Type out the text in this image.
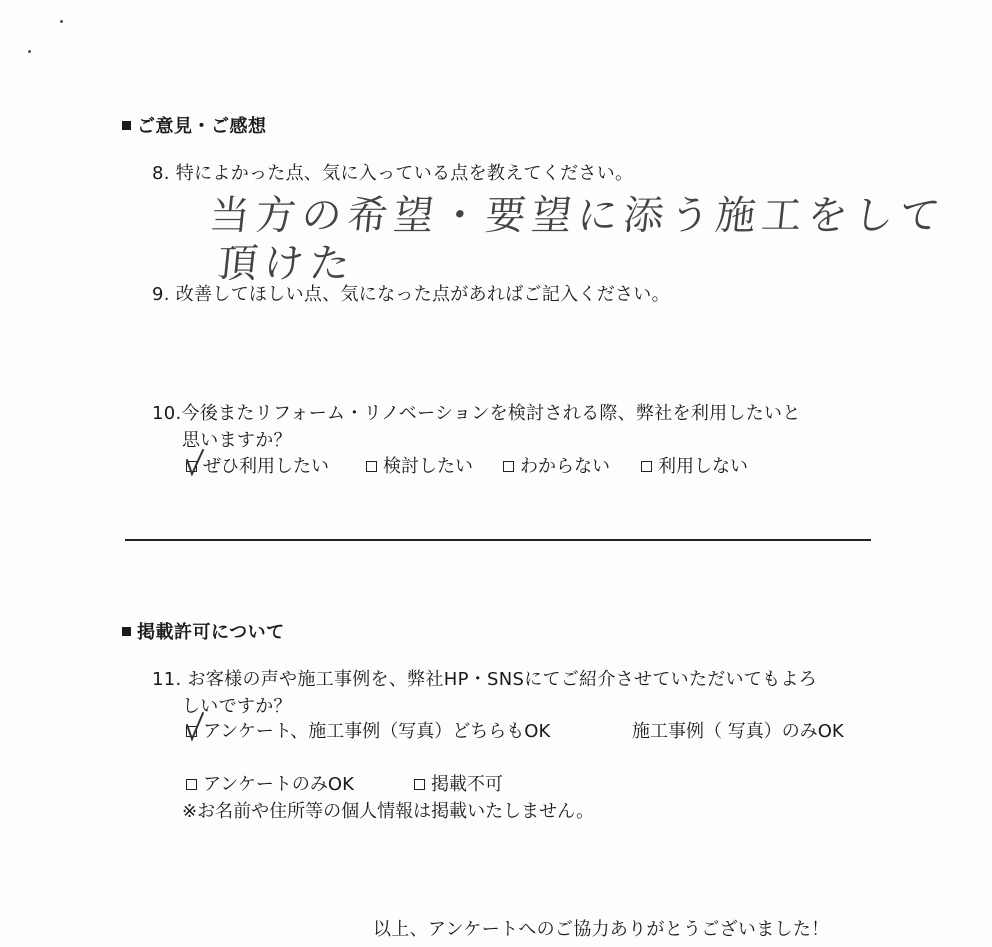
ご意見・ご感想
8. 特によかった点、気に入っている点を教えてください。
当方の希望・要望に添う施工をして
頂けた
9. 改善してほしい点、気になった点があればご記入ください。
10.今後またリフォーム・リノベーションを検討される際、弊社を利用したいと
思いますか？
ぜひ利用したい	検討したい	わからない	利用しない
掲載許可について
11. お客様の声や施工事例を、弊社HP・SNSにてご紹介させていただいてもよろ
しいですか？
アンケート、施工事例（写真）どちらもOK	施工事例（ 写真）のみOK
アンケートのみOK	掲載不可
※お名前や住所等の個人情報は掲載いたしません。
以上、アンケートへのご協力ありがとうございました！
